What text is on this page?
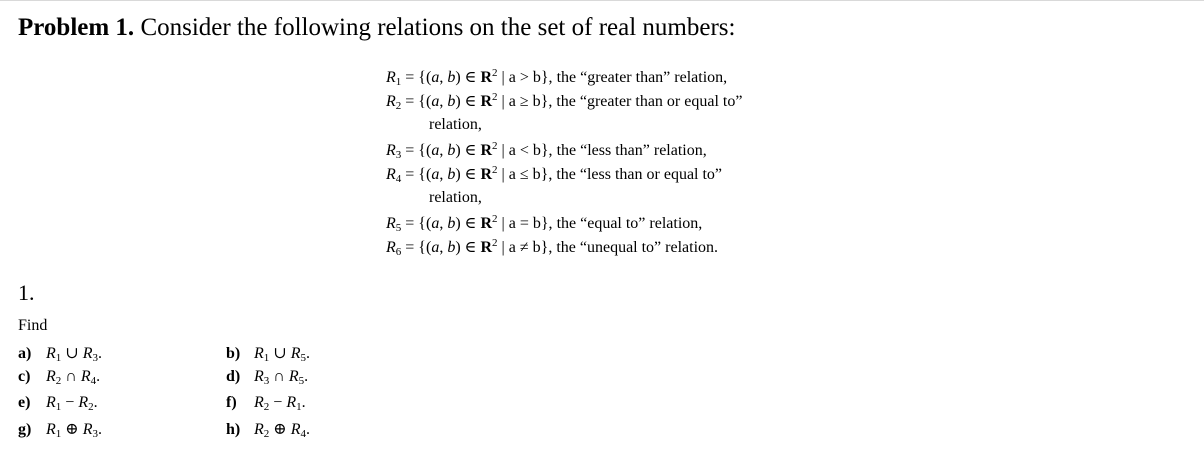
Problem 1. Consider the following relations on the set of real numbers:
$R_1 = \{(a$, b) ∈ $R^2$ | a > b}, the “greater than” relation,
$R_2 = \{(a$, b) ∈ $R^2$ | a ≥ b}, the “greater than or equal to”
relation,
$R_3 = \{(a$, b) ∈ $R^2$ | a < b}, the “less than” relation,
$R_4 = \{(a$, b) ∈ $R^2$ | a ≤ b}, the “less than or equal to”
relation,
$R_5 = \{(a$, b) ∈ $R^2$ | a = b}, the “equal to” relation,
$R_6 = \{(a$, b) ∈ $R^2$ | a ≠ b}, the “unequal to” relation.
1.
Find
a) $R_1$ ∪ $R_3$.	b) $R_1$ ∪ $R_5$.
c) $R_2$ ∩ $R_4$.	d) $R_3$ ∩ $R_5$.
e) $R_1 - R_2$.	f) $R_2 - R_1$.
g) $R_1$ ⊕ $R_3$.	h) $R_2$ ⊕ $R_4$.
